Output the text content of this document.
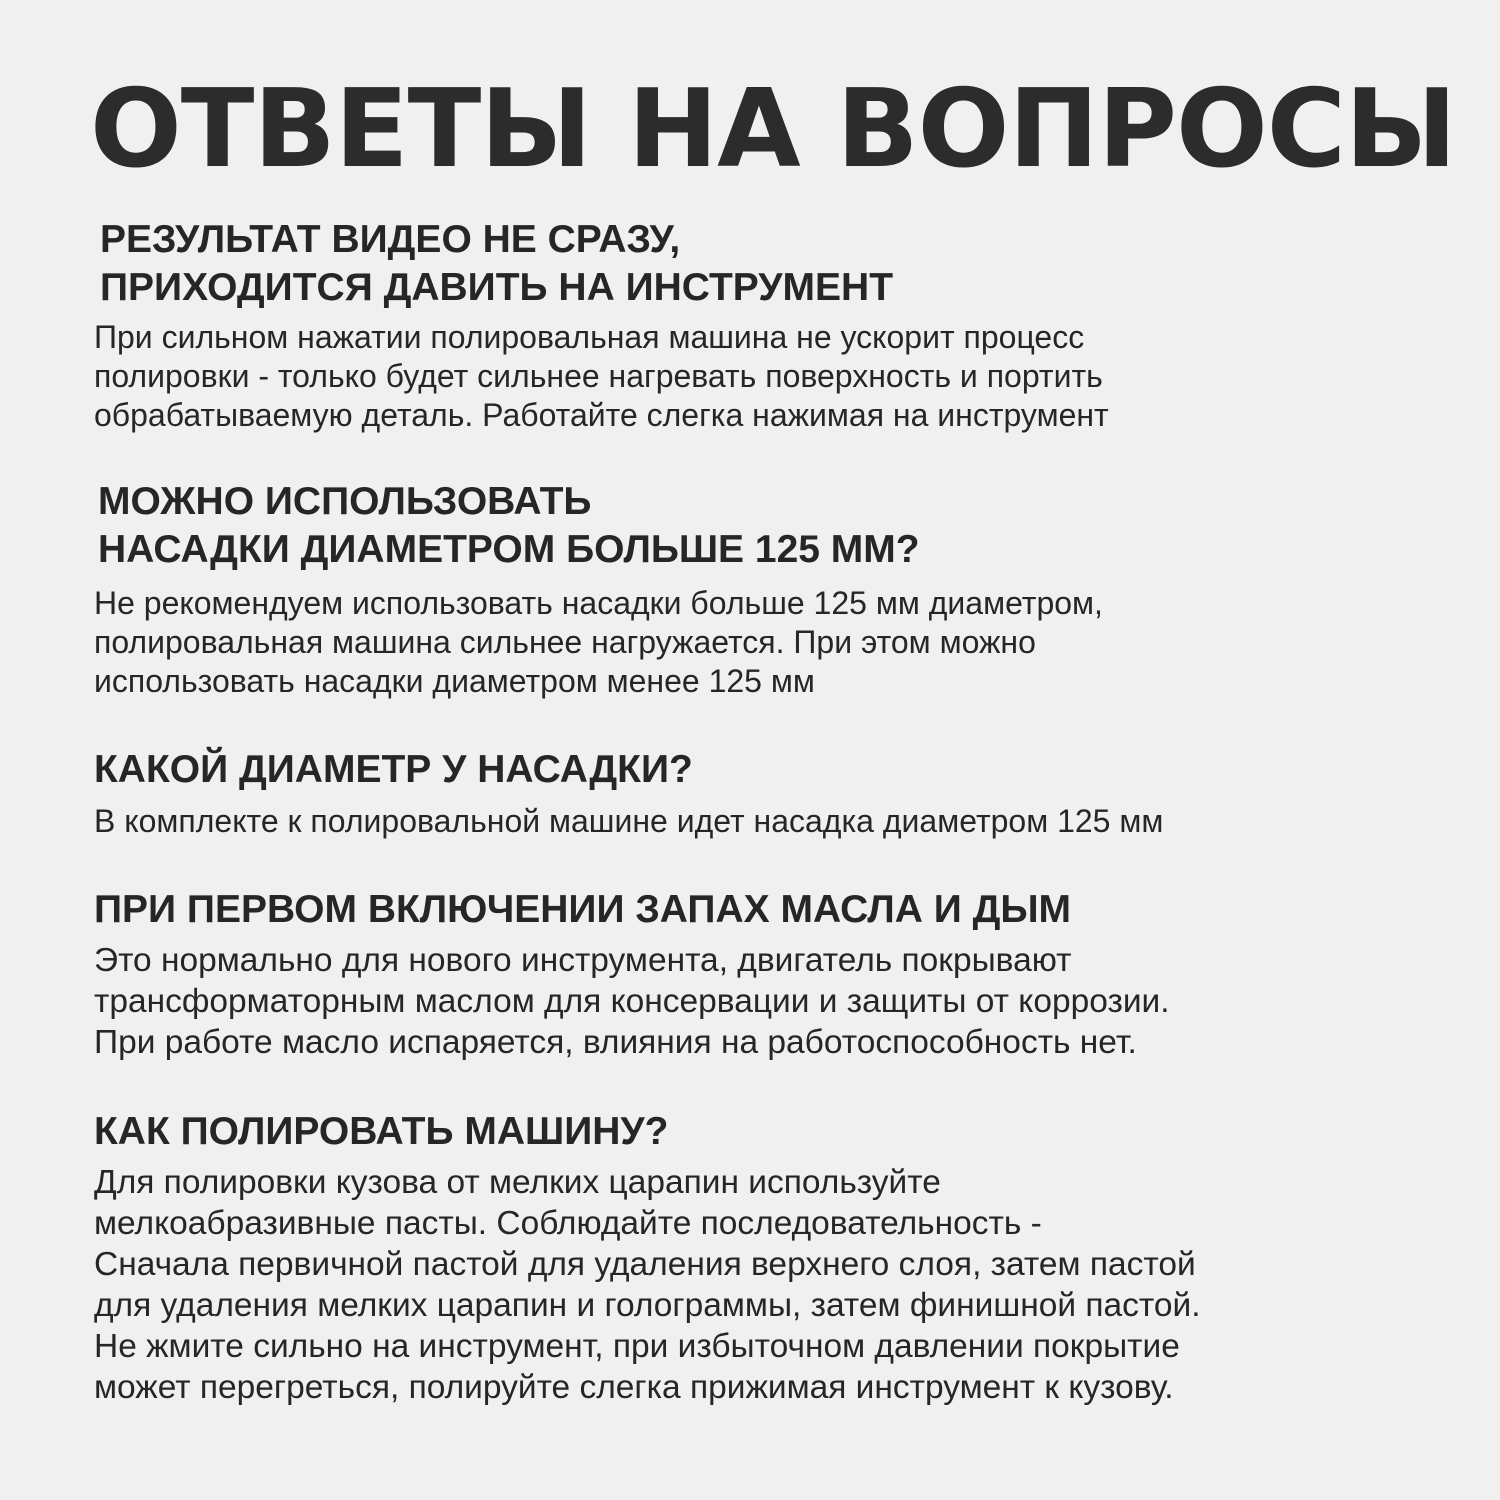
ОТВЕТЫ НА ВОПРОСЫ
РЕЗУЛЬТАТ ВИДЕО НЕ СРАЗУ,
ПРИХОДИТСЯ ДАВИТЬ НА ИНСТРУМЕНТ

При сильном нажатии полировальная машина не ускорит процесс
полировки - только будет сильнее нагревать поверхность и портить
обрабатываемую деталь. Работайте слегка нажимая на инструмент

МОЖНО ИСПОЛЬЗОВАТЬ
НАСАДКИ ДИАМЕТРОМ БОЛЬШЕ 125 ММ?

Не рекомендуем использовать насадки больше 125 мм диаметром,
полировальная машина сильнее нагружается. При этом можно
использовать насадки диаметром менее 125 мм

КАКОЙ ДИАМЕТР У НАСАДКИ?

В комплекте к полировальной машине идет насадка диаметром 125 мм

ПРИ ПЕРВОМ ВКЛЮЧЕНИИ ЗАПАХ МАСЛА И ДЫМ

Это нормально для нового инструмента, двигатель покрывают
трансформаторным маслом для консервации и защиты от коррозии.
При работе масло испаряется, влияния на работоспособность нет.

КАК ПОЛИРОВАТЬ МАШИНУ?

Для полировки кузова от мелких царапин используйте
мелкоабразивные пасты. Соблюдайте последовательность -
Сначала первичной пастой для удаления верхнего слоя, затем пастой
для удаления мелких царапин и голограммы, затем финишной пастой.
Не жмите сильно на инструмент, при избыточном давлении покрытие
может перегреться, полируйте слегка прижимая инструмент к кузову.
